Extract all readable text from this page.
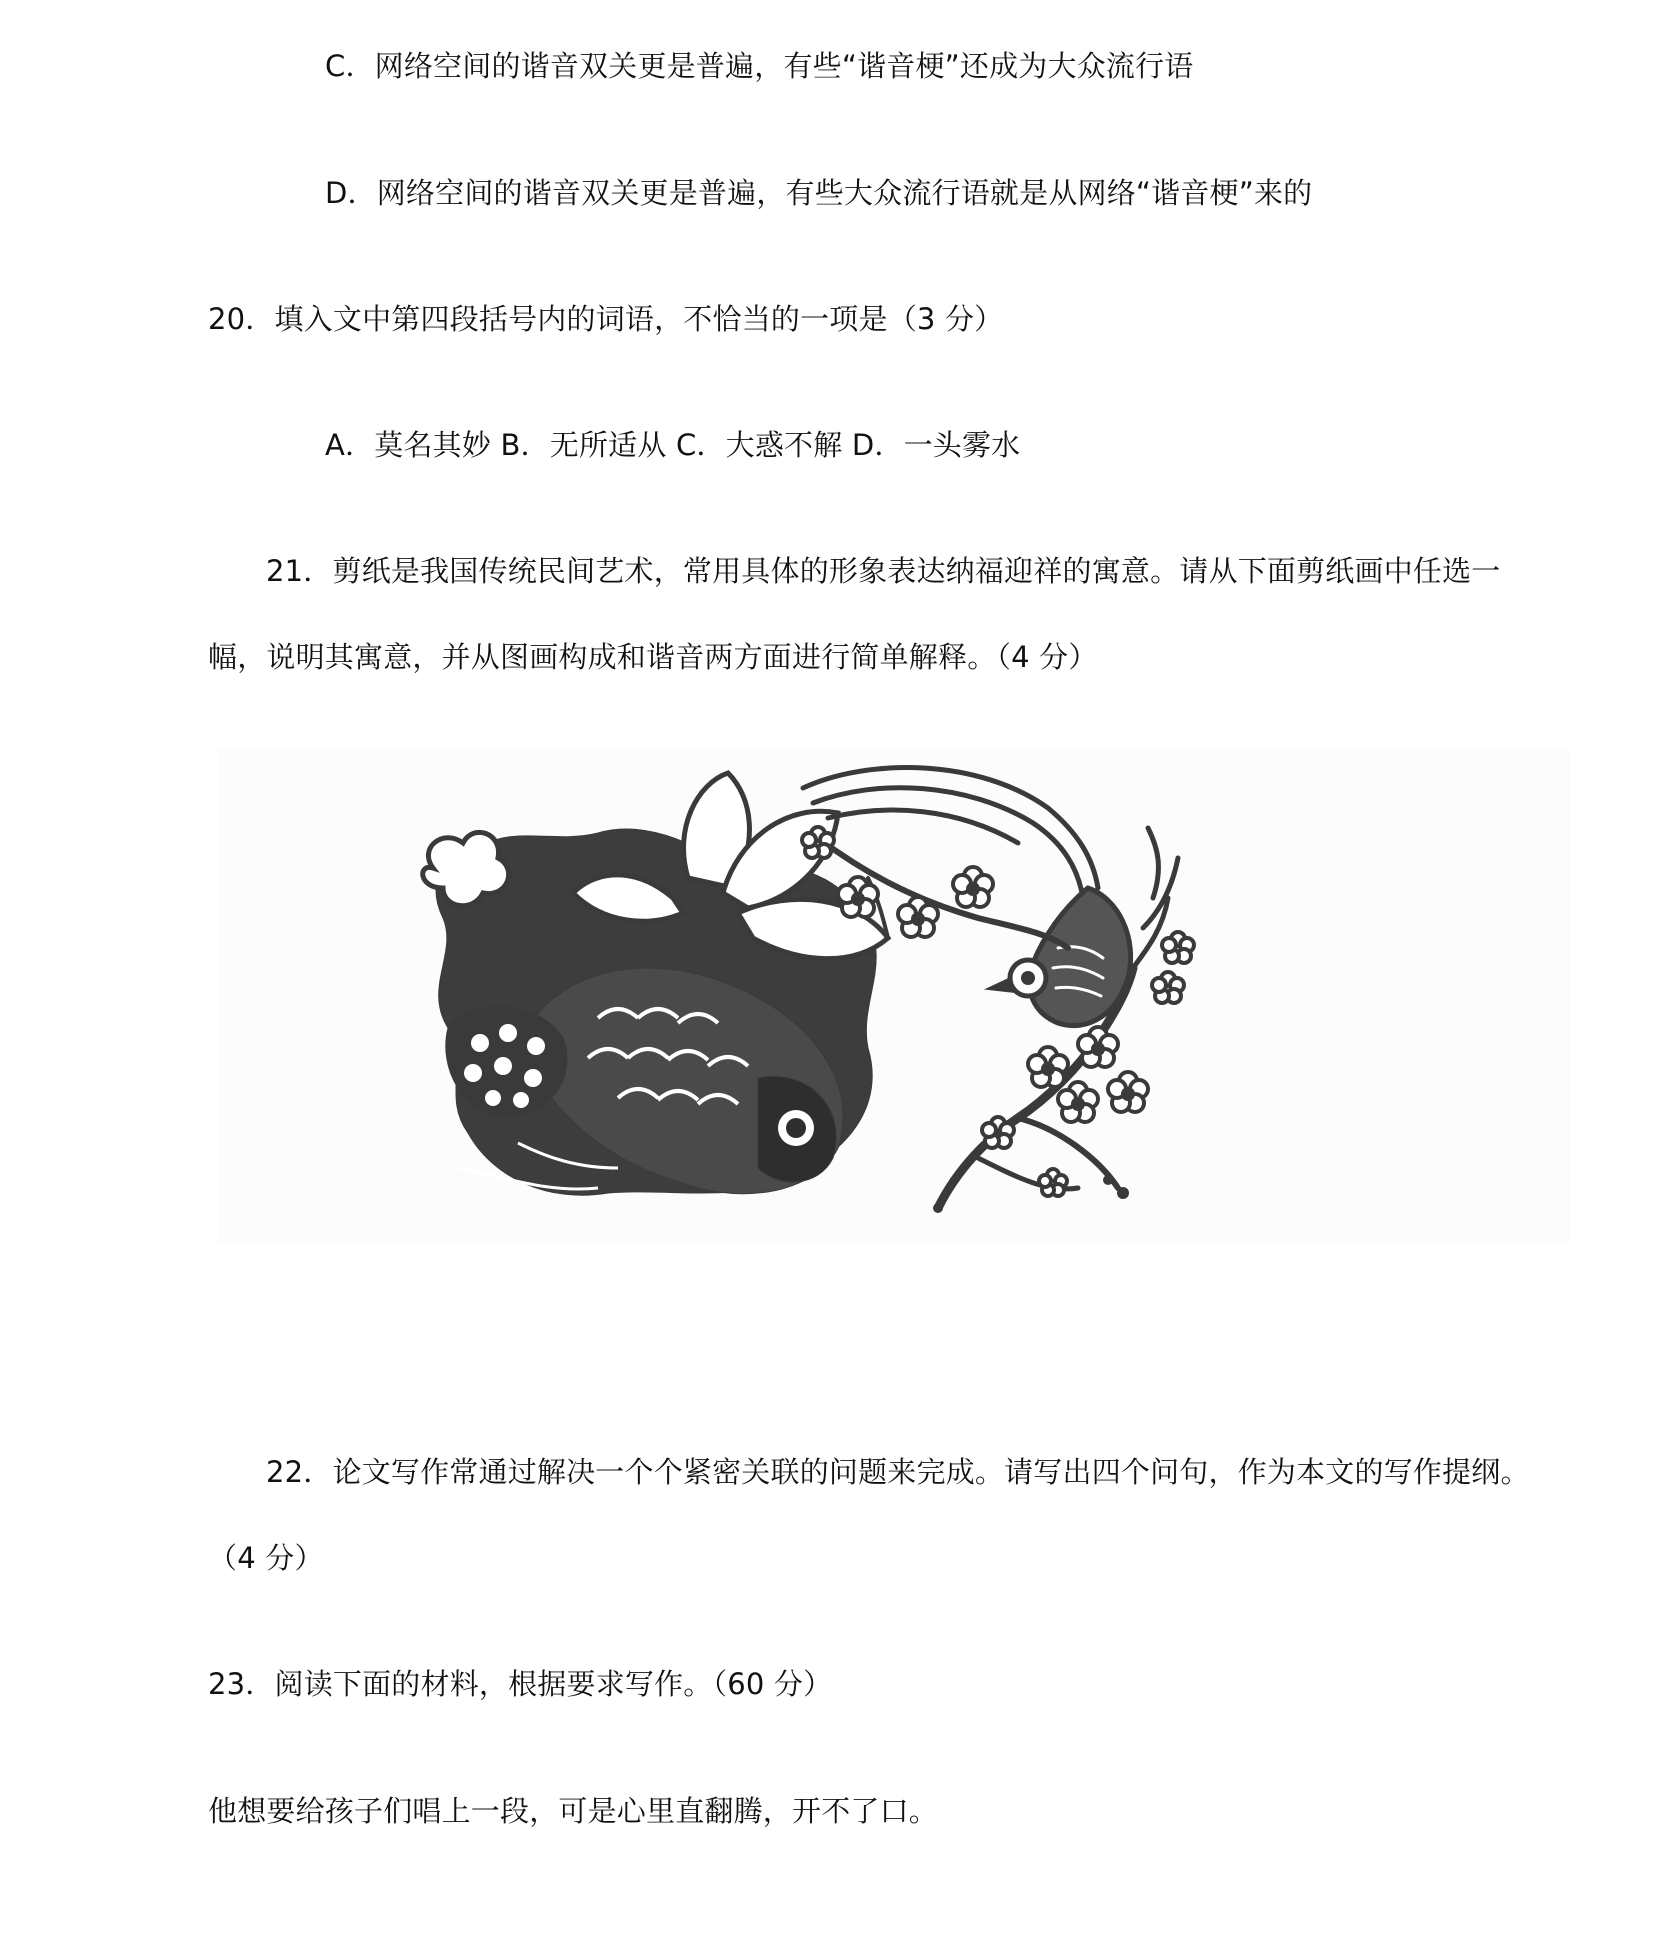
C．网络空间的谐音双关更是普遍，有些“谐音梗”还成为大众流行语
D．网络空间的谐音双关更是普遍，有些大众流行语就是从网络“谐音梗”来的
20．填入文中第四段括号内的词语，不恰当的一项是（3 分）
A．莫名其妙 B．无所适从 C．大惑不解 D．一头雾水
21．剪纸是我国传统民间艺术，常用具体的形象表达纳福迎祥的寓意。请从下面剪纸画中任选一
幅，说明其寓意，并从图画构成和谐音两方面进行简单解释。（4 分）
22．论文写作常通过解决一个个紧密关联的问题来完成。请写出四个问句，作为本文的写作提纲。
（4 分）
23．阅读下面的材料，根据要求写作。（60 分）
他想要给孩子们唱上一段，可是心里直翻腾，开不了口。
